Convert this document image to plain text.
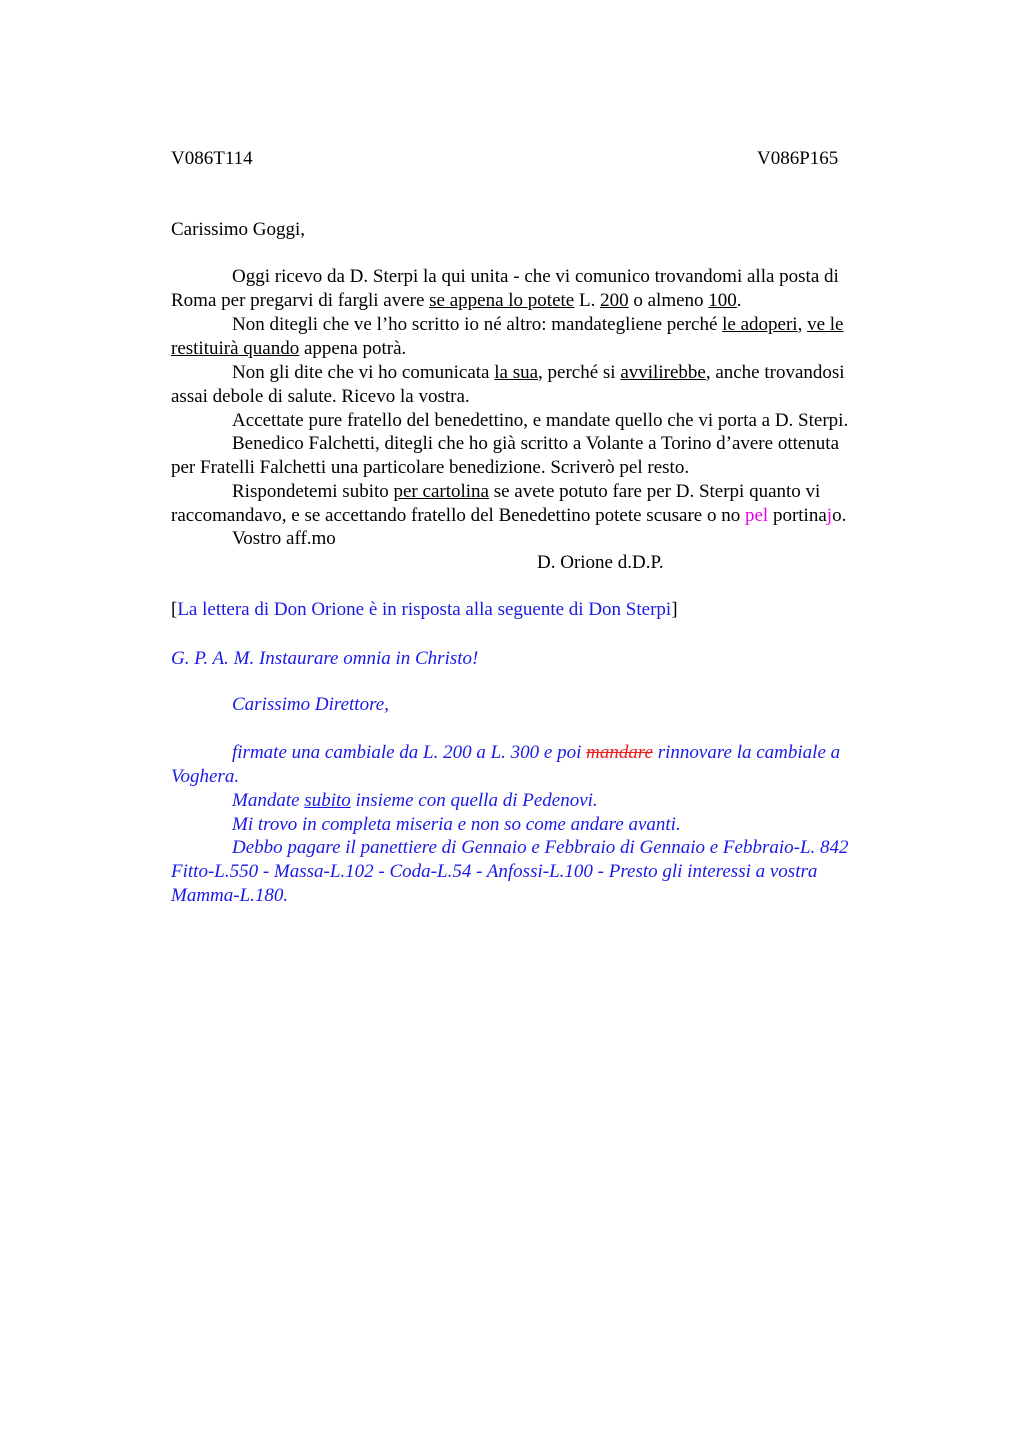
V086T114	V086P165
Carissimo Goggi,
Oggi ricevo da D. Sterpi la qui unita - che vi comunico trovandomi alla posta di
Roma per pregarvi di fargli avere se appena lo potete L. 200 o almeno 100.
Non ditegli che ve l’ho scritto io né altro: mandategliene perché le adoperi, ve le
restituirà quando appena potrà.
Non gli dite che vi ho comunicata la sua, perché si avvilirebbe, anche trovandosi
assai debole di salute. Ricevo la vostra.
Accettate pure fratello del benedettino, e mandate quello che vi porta a D. Sterpi.
Benedico Falchetti, ditegli che ho già scritto a Volante a Torino d’avere ottenuta
per Fratelli Falchetti una particolare benedizione. Scriverò pel resto.
Rispondetemi subito per cartolina se avete potuto fare per D. Sterpi quanto vi
raccomandavo, e se accettando fratello del Benedettino potete scusare o no pel portinajo.
Vostro aff.mo
D. Orione d.D.P.
[La lettera di Don Orione è in risposta alla seguente di Don Sterpi]
G. P. A. M. Instaurare omnia in Christo!
Carissimo Direttore,
firmate una cambiale da L. 200 a L. 300 e poi mandare rinnovare la cambiale a
Voghera.
Mandate subito insieme con quella di Pedenovi.
Mi trovo in completa miseria e non so come andare avanti.
Debbo pagare il panettiere di Gennaio e Febbraio di Gennaio e Febbraio-L. 842
Fitto-L.550 - Massa-L.102 - Coda-L.54 - Anfossi-L.100 - Presto gli interessi a vostra
Mamma-L.180.
